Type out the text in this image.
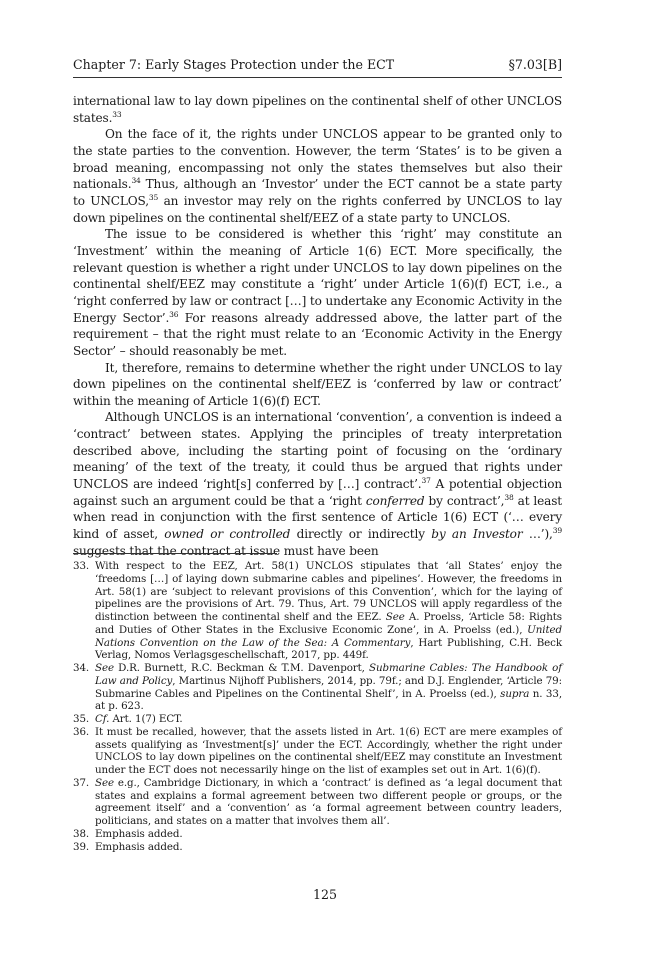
Chapter 7: Early Stages Protection under the ECT	§7.03[B]

international law to lay down pipelines on the continental shelf of other UNCLOS states.$^{33}$

On the face of it, the rights under UNCLOS appear to be granted only to the state parties to the convention. However, the term ‘States’ is to be given a broad meaning, encompassing not only the states themselves but also their nationals.$^{34}$ Thus, although an ‘Investor’ under the ECT cannot be a state party to UNCLOS,$^{35}$ an investor may rely on the rights conferred by UNCLOS to lay down pipelines on the continental shelf/EEZ of a state party to UNCLOS.

The issue to be considered is whether this ‘right’ may constitute an ‘Investment’ within the meaning of Article 1(6) ECT. More specifically, the relevant question is whether a right under UNCLOS to lay down pipelines on the continental shelf/EEZ may constitute a ‘right’ under Article 1(6)(f) ECT, i.e., a ‘right conferred by law or contract […] to undertake any Economic Activity in the Energy Sector’.$^{36}$ For reasons already addressed above, the latter part of the requirement – that the right must relate to an ‘Economic Activity in the Energy Sector’ – should reasonably be met.

It, therefore, remains to determine whether the right under UNCLOS to lay down pipelines on the continental shelf/EEZ is ‘conferred by law or contract’ within the meaning of Article 1(6)(f) ECT.

Although UNCLOS is an international ‘convention’, a convention is indeed a ‘contract’ between states. Applying the principles of treaty interpretation described above, including the starting point of focusing on the ‘ordinary meaning’ of the text of the treaty, it could thus be argued that rights under UNCLOS are indeed ‘right[s] conferred by […] contract’.$^{37}$ A potential objection against such an argument could be that a ‘right conferred by contract’,$^{38}$ at least when read in conjunction with the first sentence of Article 1(6) ECT (‘… every kind of asset, owned or controlled directly or indirectly by an Investor …’),$^{39}$ suggests that the contract at issue must have been

33. With respect to the EEZ, Art. 58(1) UNCLOS stipulates that ‘all States’ enjoy the ‘freedoms […] of laying down submarine cables and pipelines’. However, the freedoms in Art. 58(1) are ‘subject to relevant provisions of this Convention’, which for the laying of pipelines are the provisions of Art. 79. Thus, Art. 79 UNCLOS will apply regardless of the distinction between the continental shelf and the EEZ. See A. Proelss, ‘Article 58: Rights and Duties of Other States in the Exclusive Economic Zone’, in A. Proelss (ed.), United Nations Convention on the Law of the Sea: A Commentary, Hart Publishing, C.H. Beck Verlag, Nomos Verlagsgeschellschaft, 2017, pp. 449f.
34. See D.R. Burnett, R.C. Beckman & T.M. Davenport, Submarine Cables: The Handbook of Law and Policy, Martinus Nijhoff Publishers, 2014, pp. 79f.; and D.J. Englender, ‘Article 79: Submarine Cables and Pipelines on the Continental Shelf’, in A. Proelss (ed.), supra n. 33, at p. 623.
35. Cf. Art. 1(7) ECT.
36. It must be recalled, however, that the assets listed in Art. 1(6) ECT are mere examples of assets qualifying as ‘Investment[s]’ under the ECT. Accordingly, whether the right under UNCLOS to lay down pipelines on the continental shelf/EEZ may constitute an Investment under the ECT does not necessarily hinge on the list of examples set out in Art. 1(6)(f).
37. See e.g., Cambridge Dictionary, in which a ‘contract’ is defined as ‘a legal document that states and explains a formal agreement between two different people or groups, or the agreement itself’ and a ‘convention’ as ‘a formal agreement between country leaders, politicians, and states on a matter that involves them all’.
38. Emphasis added.
39. Emphasis added.
125
